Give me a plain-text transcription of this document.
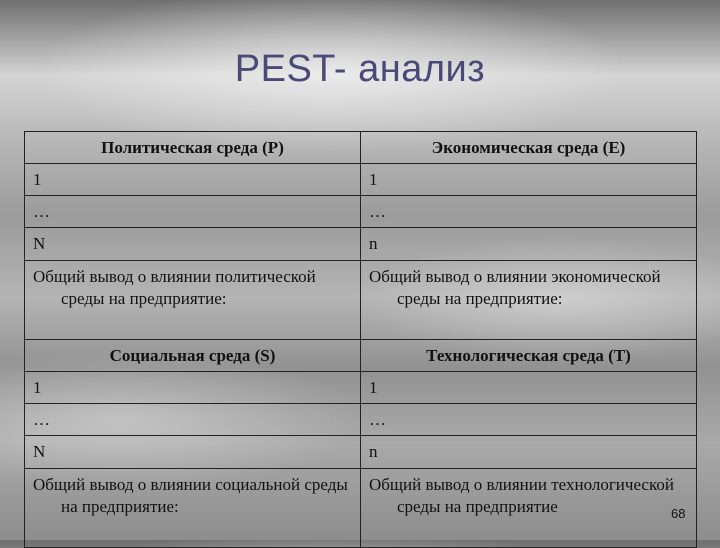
PEST- анализ
Политическая среда (Р)	Экономическая среда (Е)
1	1
…	…
N	n

Общий вывод о влиянии политической среды на предприятие:	Общий вывод о влиянии экономической среды на предприятие:

Социальная среда (S)	Технологическая среда (Т)
1	1
…	…
N	n

Общий вывод о влиянии социальной среды на предприятие:	Общий вывод о влиянии технологической среды на предприятие	68
